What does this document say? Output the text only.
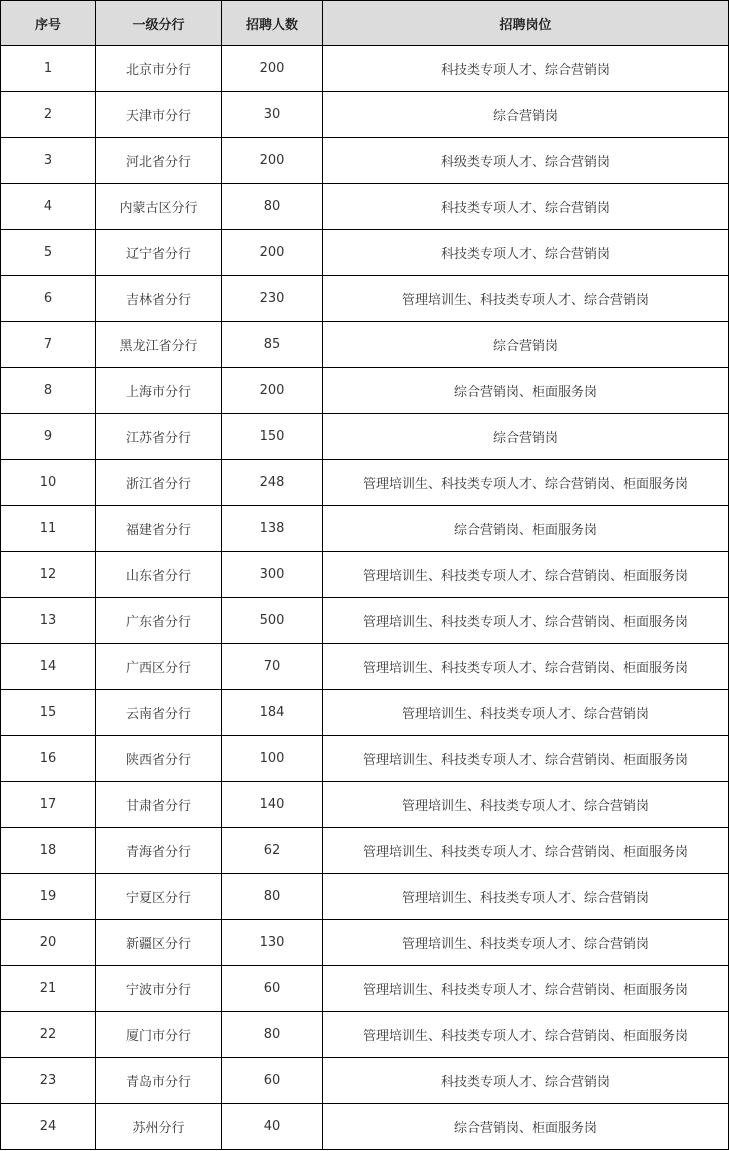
序号	一级分行	招聘人数	招聘岗位
1	北京市分行	200	科技类专项人才、综合营销岗
2	天津市分行	30	综合营销岗
3	河北省分行	200	科级类专项人才、综合营销岗
4	内蒙古区分行	80	科技类专项人才、综合营销岗
5	辽宁省分行	200	科技类专项人才、综合营销岗
6	吉林省分行	230	管理培训生、科技类专项人才、综合营销岗
7	黑龙江省分行	85	综合营销岗
8	上海市分行	200	综合营销岗、柜面服务岗
9	江苏省分行	150	综合营销岗
10	浙江省分行	248	管理培训生、科技类专项人才、综合营销岗、柜面服务岗
11	福建省分行	138	综合营销岗、柜面服务岗
12	山东省分行	300	管理培训生、科技类专项人才、综合营销岗、柜面服务岗
13	广东省分行	500	管理培训生、科技类专项人才、综合营销岗、柜面服务岗
14	广西区分行	70	管理培训生、科技类专项人才、综合营销岗、柜面服务岗
15	云南省分行	184	管理培训生、科技类专项人才、综合营销岗
16	陕西省分行	100	管理培训生、科技类专项人才、综合营销岗、柜面服务岗
17	甘肃省分行	140	管理培训生、科技类专项人才、综合营销岗
18	青海省分行	62	管理培训生、科技类专项人才、综合营销岗、柜面服务岗
19	宁夏区分行	80	管理培训生、科技类专项人才、综合营销岗
20	新疆区分行	130	管理培训生、科技类专项人才、综合营销岗
21	宁波市分行	60	管理培训生、科技类专项人才、综合营销岗、柜面服务岗
22	厦门市分行	80	管理培训生、科技类专项人才、综合营销岗、柜面服务岗
23	青岛市分行	60	科技类专项人才、综合营销岗
24	苏州分行	40	综合营销岗、柜面服务岗
